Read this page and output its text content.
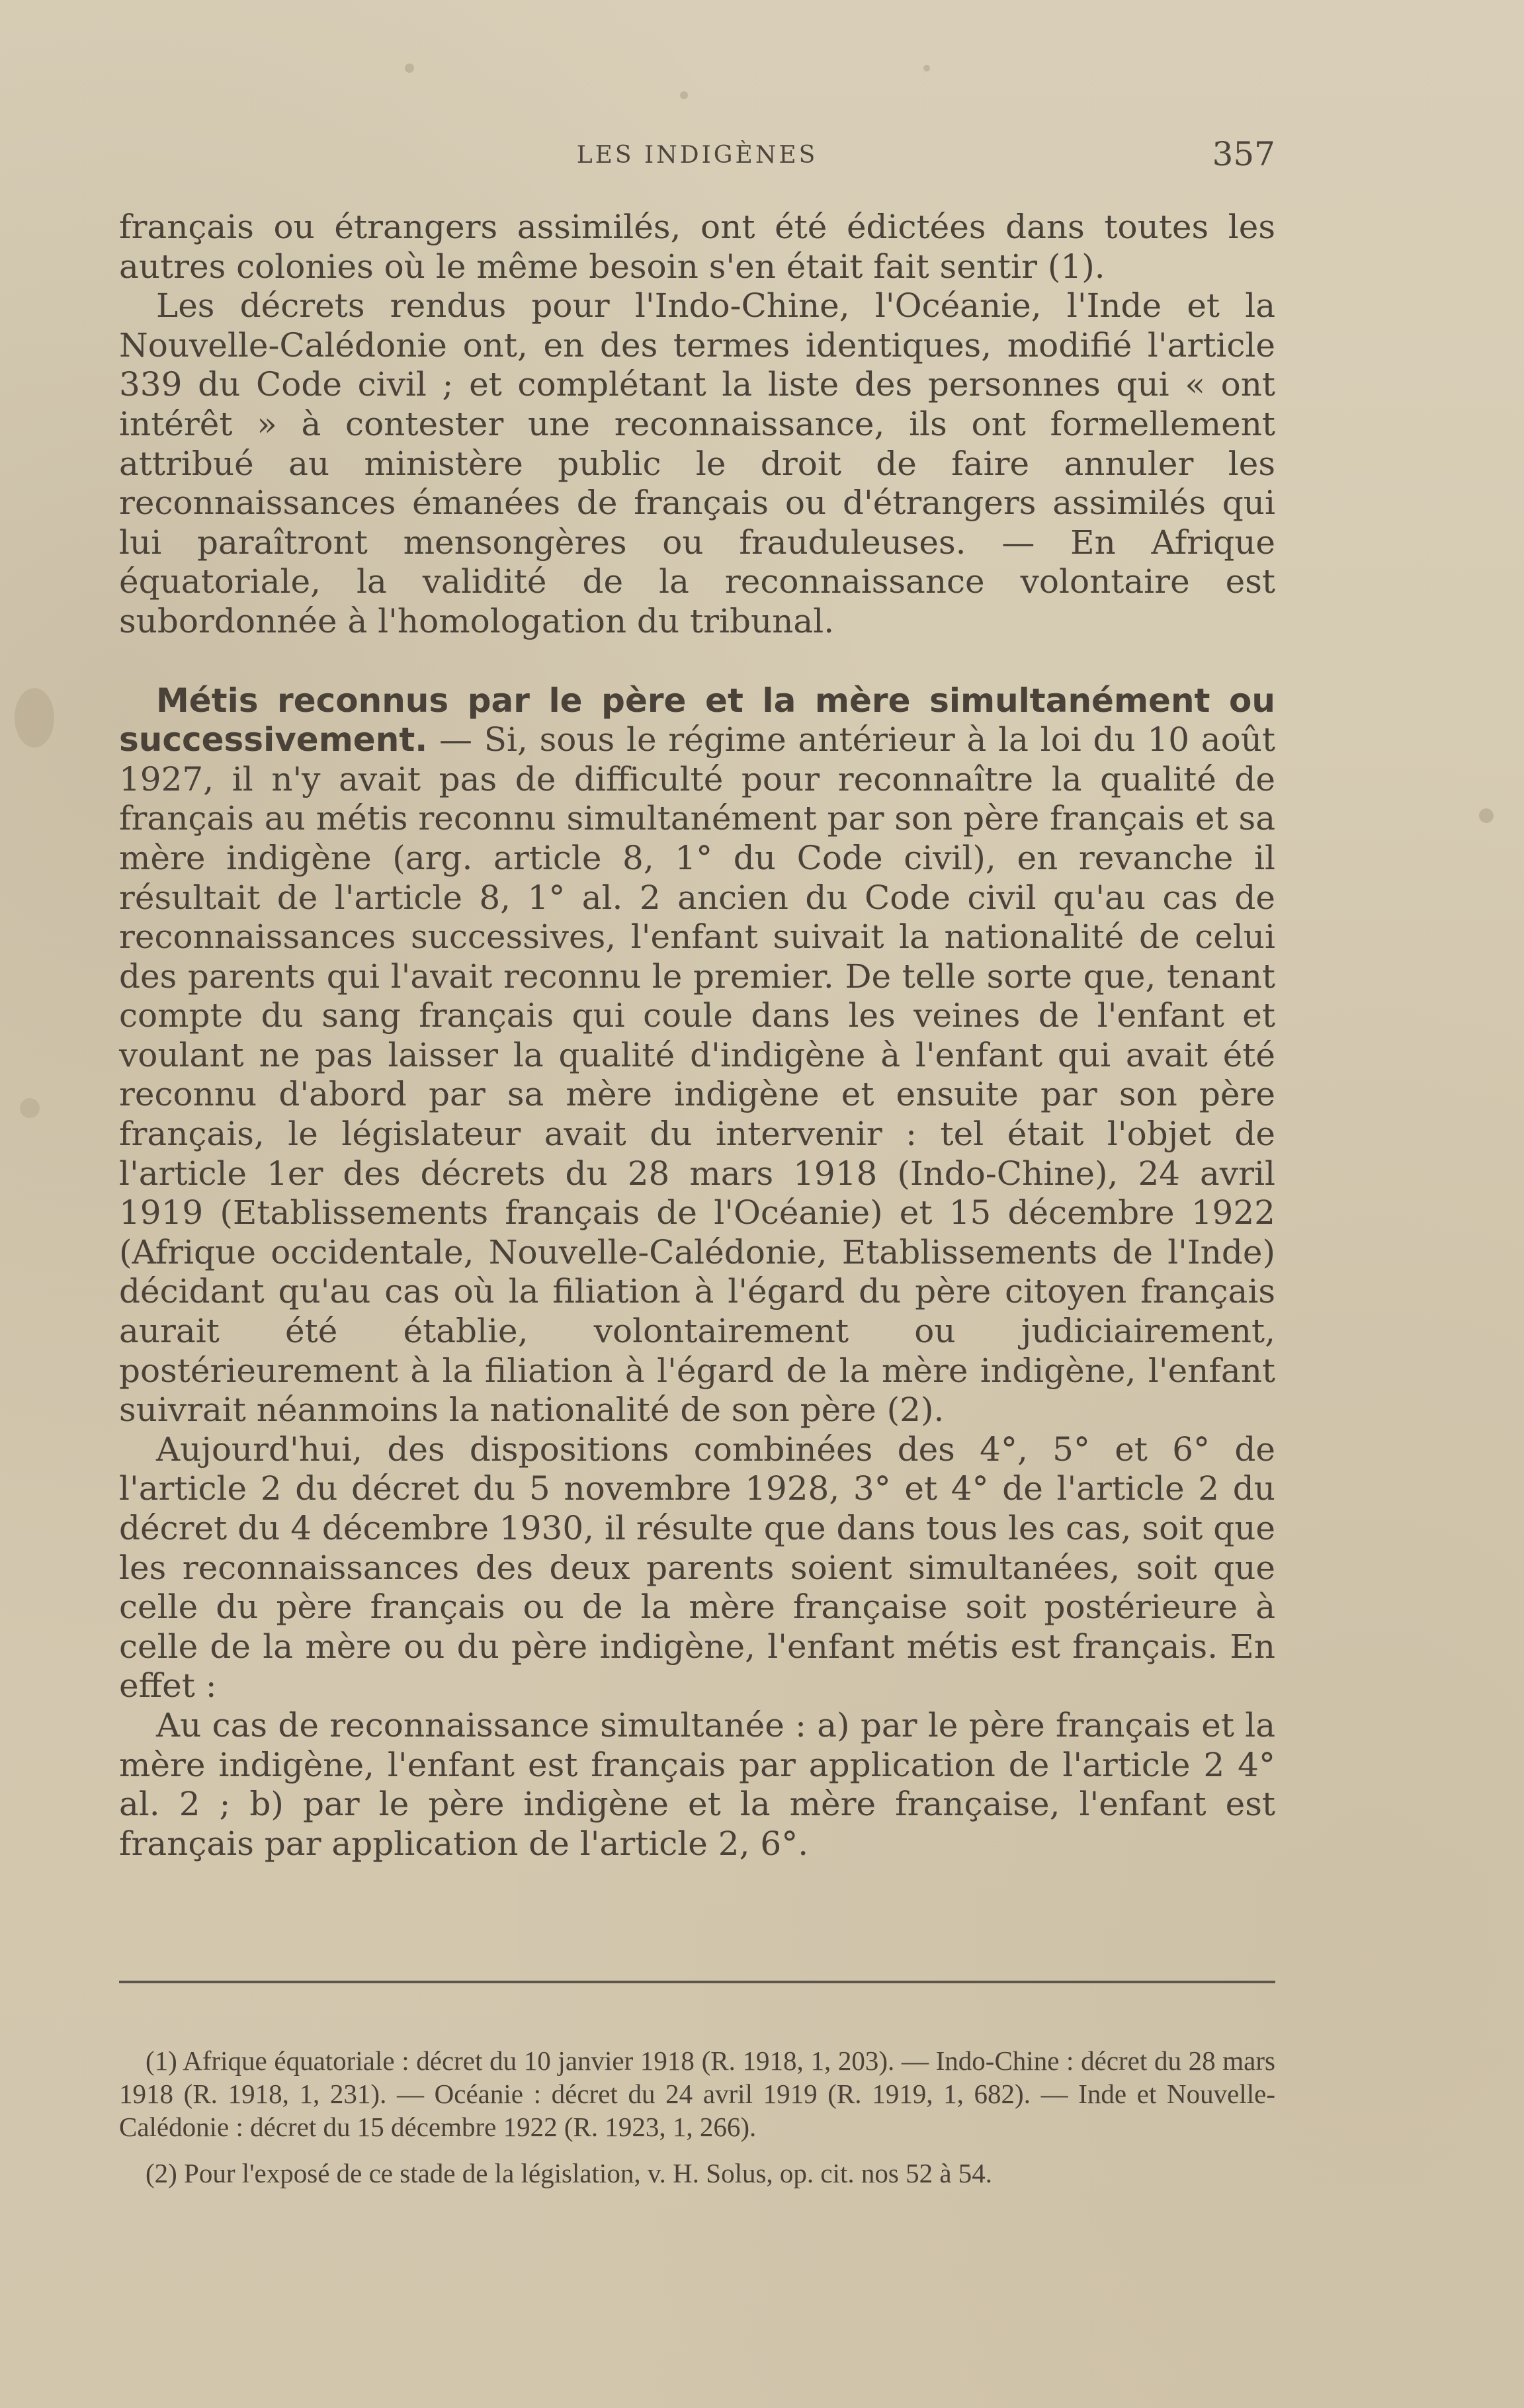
LES INDIGÈNES	357

français ou étrangers assimilés, ont été édictées dans toutes les autres colonies où le même besoin s'en était fait sentir (1).

Les décrets rendus pour l'Indo-Chine, l'Océanie, l'Inde et la Nouvelle-Calédonie ont, en des termes identiques, modifié l'article 339 du Code civil ; et complétant la liste des personnes qui « ont intérêt » à contester une reconnaissance, ils ont formellement attribué au ministère public le droit de faire annuler les reconnaissances émanées de français ou d'étrangers assimilés qui lui paraîtront mensongères ou frauduleuses. — En Afrique équatoriale, la validité de la reconnaissance volontaire est subordonnée à l'homologation du tribunal.

Métis reconnus par le père et la mère simultanément ou successivement. — Si, sous le régime antérieur à la loi du 10 août 1927, il n'y avait pas de difficulté pour reconnaître la qualité de français au métis reconnu simultanément par son père français et sa mère indigène (arg. article 8, 1° du Code civil), en revanche il résultait de l'article 8, 1° al. 2 ancien du Code civil qu'au cas de reconnaissances successives, l'enfant suivait la nationalité de celui des parents qui l'avait reconnu le premier. De telle sorte que, tenant compte du sang français qui coule dans les veines de l'enfant et voulant ne pas laisser la qualité d'indigène à l'enfant qui avait été reconnu d'abord par sa mère indigène et ensuite par son père français, le législateur avait du intervenir : tel était l'objet de l'article 1er des décrets du 28 mars 1918 (Indo-Chine), 24 avril 1919 (Etablissements français de l'Océanie) et 15 décembre 1922 (Afrique occidentale, Nouvelle-Calédonie, Etablissements de l'Inde) décidant qu'au cas où la filiation à l'égard du père citoyen français aurait été établie, volontairement ou judiciairement, postérieurement à la filiation à l'égard de la mère indigène, l'enfant suivrait néanmoins la nationalité de son père (2).

Aujourd'hui, des dispositions combinées des 4°, 5° et 6° de l'article 2 du décret du 5 novembre 1928, 3° et 4° de l'article 2 du décret du 4 décembre 1930, il résulte que dans tous les cas, soit que les reconnaissances des deux parents soient simultanées, soit que celle du père français ou de la mère française soit postérieure à celle de la mère ou du père indigène, l'enfant métis est français. En effet :

Au cas de reconnaissance simultanée : a) par le père français et la mère indigène, l'enfant est français par application de l'article 2 4° al. 2 ; b) par le père indigène et la mère française, l'enfant est français par application de l'article 2, 6°.

(1) Afrique équatoriale : décret du 10 janvier 1918 (R. 1918, 1, 203). — Indo-Chine : décret du 28 mars 1918 (R. 1918, 1, 231). — Océanie : décret du 24 avril 1919 (R. 1919, 1, 682). — Inde et Nouvelle-Calédonie : décret du 15 décembre 1922 (R. 1923, 1, 266).

(2) Pour l'exposé de ce stade de la législation, v. H. Solus, op. cit. nos 52 à 54.
